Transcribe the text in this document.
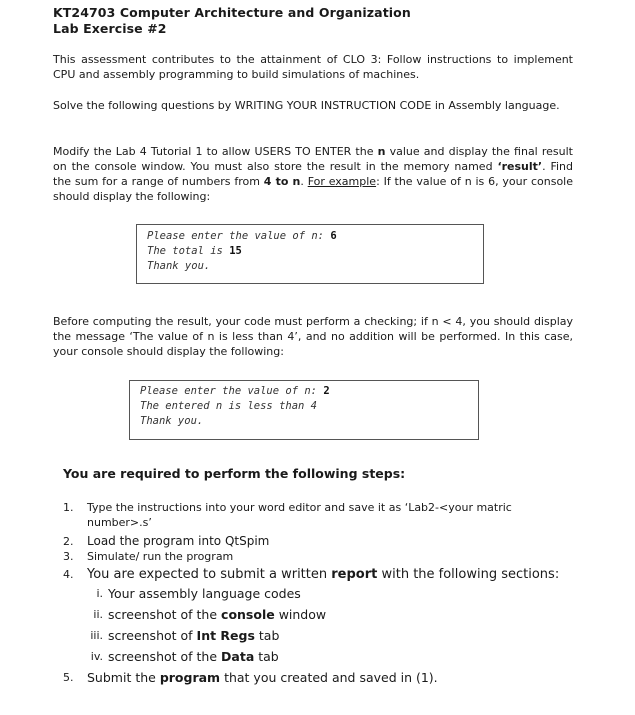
KT24703 Computer Architecture and Organization
Lab Exercise #2
This assessment contributes to the attainment of CLO 3: Follow instructions to implement CPU and assembly programming to build simulations of machines.
Solve the following questions by WRITING YOUR INSTRUCTION CODE in Assembly language.
Modify the Lab 4 Tutorial 1 to allow USERS TO ENTER the n value and display the final result on the console window. You must also store the result in the memory named ‘result’. Find the sum for a range of numbers from 4 to n. For example: If the value of n is 6, your console should display the following:
Please enter the value of n: 6
The total is 15
Thank you.
Before computing the result, your code must perform a checking; if n < 4, you should display the message ‘The value of n is less than 4’, and no addition will be performed. In this case, your console should display the following:
Please enter the value of n: 2
The entered n is less than 4
Thank you.
You are required to perform the following steps:
1. Type the instructions into your word editor and save it as ‘Lab2-<your matric number>.s’
2. Load the program into QtSpim
3. Simulate/ run the program
4. You are expected to submit a written report with the following sections:
i. Your assembly language codes
ii. screenshot of the console window
iii. screenshot of Int Regs tab
iv. screenshot of the Data tab
5. Submit the program that you created and saved in (1).
